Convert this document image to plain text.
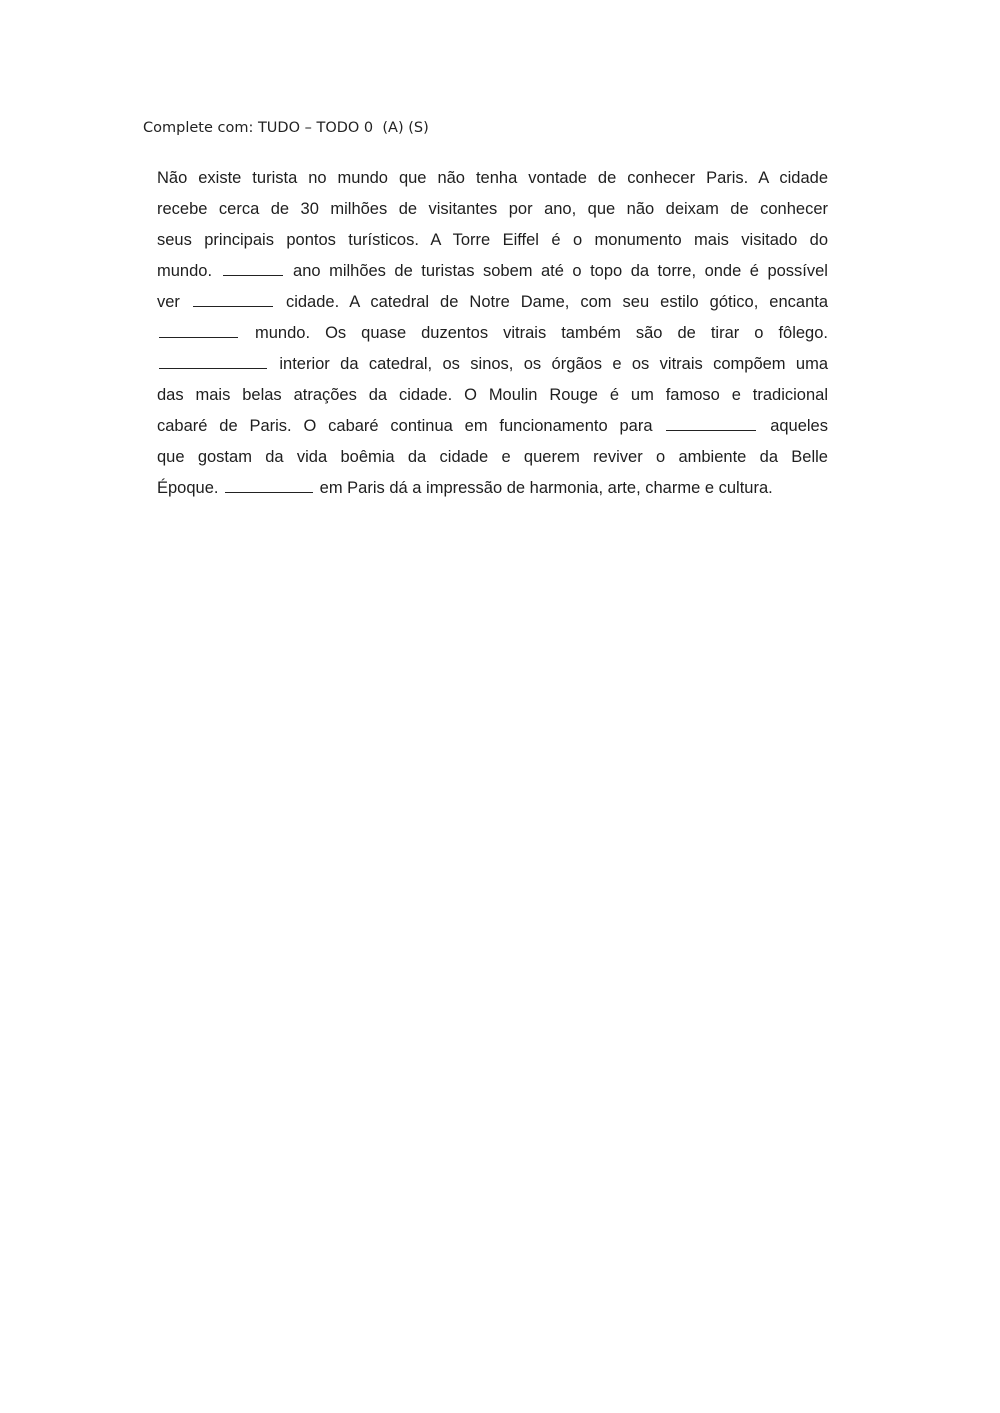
Complete com: TUDO – TODO 0  (A) (S)
Não existe turista no mundo que não tenha vontade de conhecer Paris. A cidade
recebe cerca de 30 milhões de visitantes por ano, que não deixam de conhecer
seus principais pontos turísticos. A Torre Eiffel é o monumento mais visitado do
mundo.	ano milhões de turistas sobem até o topo da torre, onde é possível
ver	cidade. A catedral de Notre Dame, com seu estilo gótico, encanta
mundo. Os quase duzentos vitrais também são de tirar o fôlego.
interior da catedral, os sinos, os órgãos e os vitrais compõem uma
das mais belas atrações da cidade. O Moulin Rouge é um famoso e tradicional
cabaré de Paris. O cabaré continua em funcionamento para	aqueles
que gostam da vida boêmia da cidade e querem reviver o ambiente da Belle
Époque.	em Paris dá a impressão de harmonia, arte, charme e cultura.
